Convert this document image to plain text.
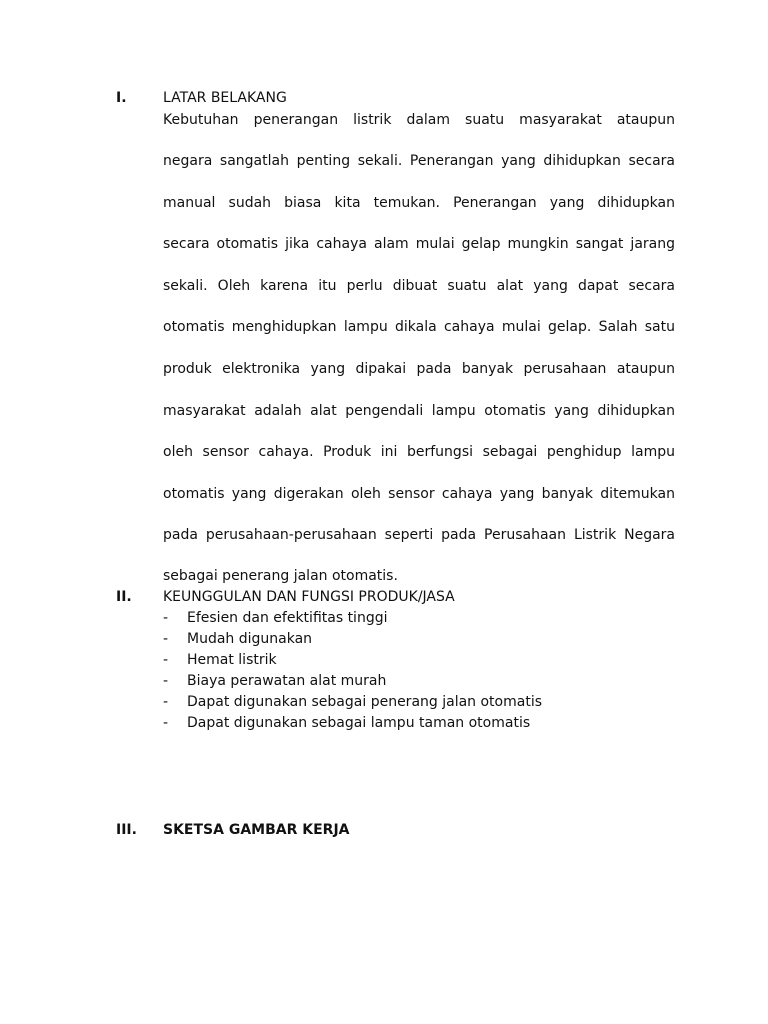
I.	LATAR BELAKANG
Kebutuhan penerangan listrik dalam suatu masyarakat ataupun
negara sangatlah penting sekali. Penerangan yang dihidupkan secara
manual sudah biasa kita temukan. Penerangan yang dihidupkan
secara otomatis jika cahaya alam mulai gelap mungkin sangat jarang
sekali. Oleh karena itu perlu dibuat suatu alat yang dapat secara
otomatis menghidupkan lampu dikala cahaya mulai gelap. Salah satu
produk elektronika yang dipakai pada banyak perusahaan ataupun
masyarakat adalah alat pengendali lampu otomatis yang dihidupkan
oleh sensor cahaya. Produk ini berfungsi sebagai penghidup lampu
otomatis yang digerakan oleh sensor cahaya yang banyak ditemukan
pada perusahaan-perusahaan seperti pada Perusahaan Listrik Negara
sebagai penerang jalan otomatis.
II. KEUNGGULAN DAN FUNGSI PRODUK/JASA
- Efesien dan efektifitas tinggi
- Mudah digunakan
- Hemat listrik
- Biaya perawatan alat murah
- Dapat digunakan sebagai penerang jalan otomatis
- Dapat digunakan sebagai lampu taman otomatis
III. SKETSA GAMBAR KERJA
